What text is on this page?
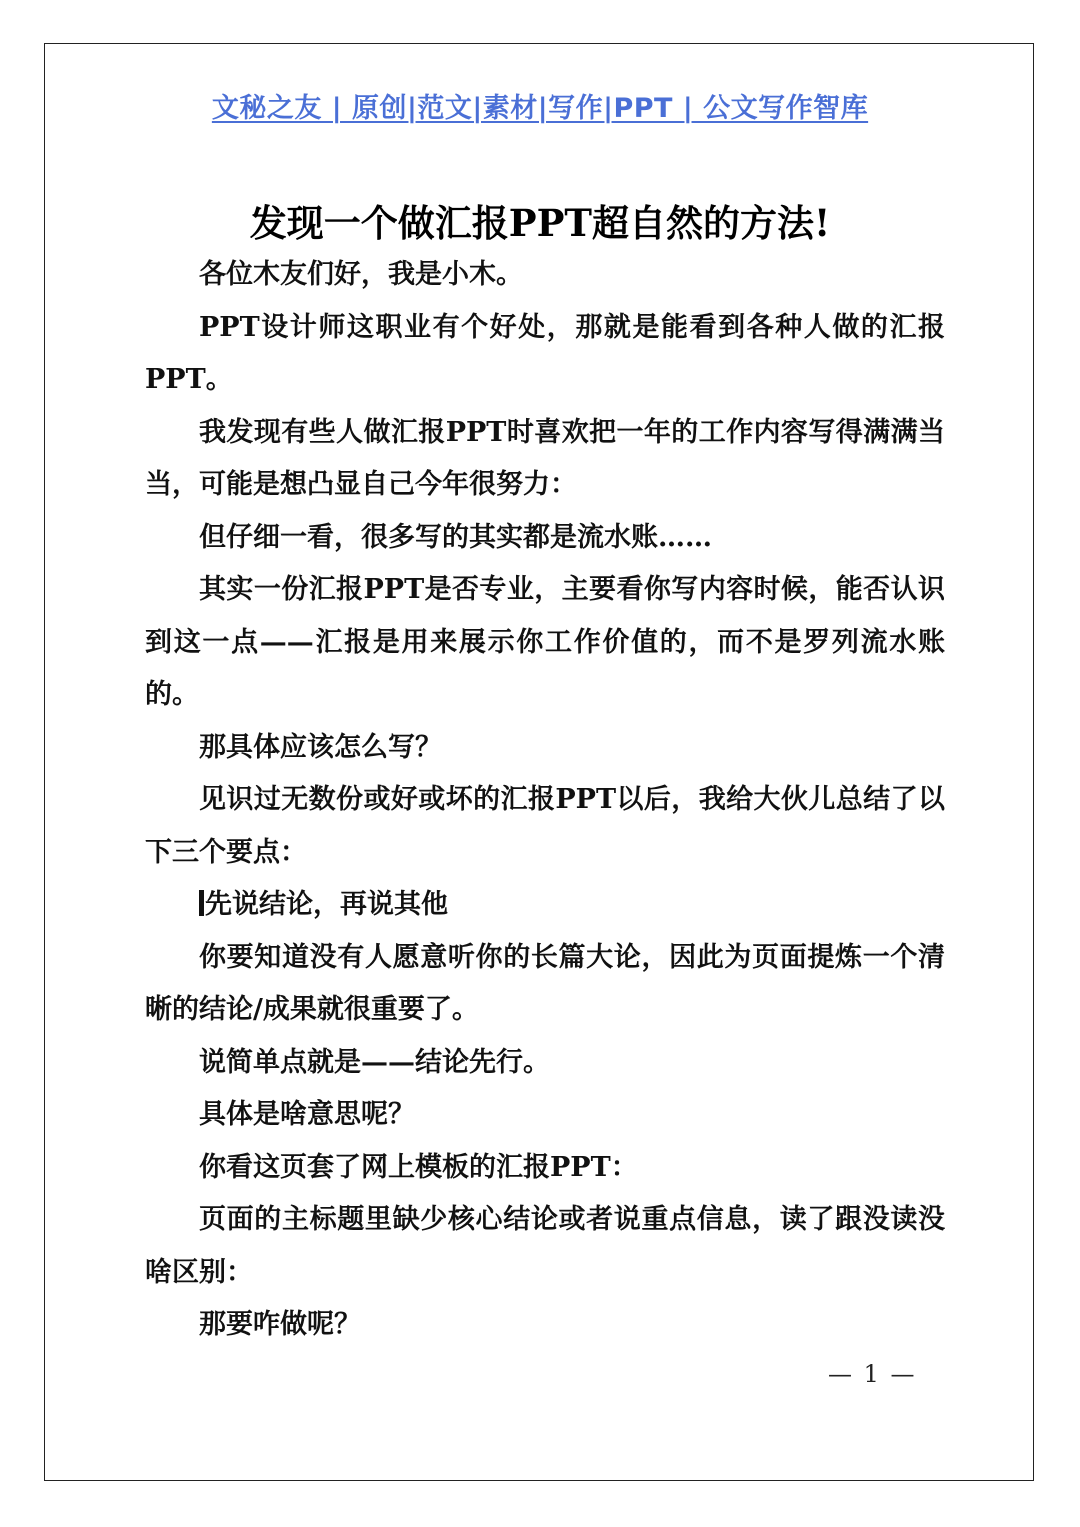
文秘之友 | 原创|范文|素材|写作|PPT | 公文写作智库
发现一个做汇报PPT超自然的方法!

各位木友们好，我是小木。

PPT设计师这职业有个好处，那就是能看到各种人做的汇报PPT。

我发现有些人做汇报PPT时喜欢把一年的工作内容写得满满当当，可能是想凸显自己今年很努力：

但仔细一看，很多写的其实都是流水账……

其实一份汇报PPT是否专业，主要看你写内容时候，能否认识到这一点——汇报是用来展示你工作价值的，而不是罗列流水账的。

那具体应该怎么写？

见识过无数份或好或坏的汇报PPT以后，我给大伙儿总结了以下三个要点：

先说结论，再说其他

你要知道没有人愿意听你的长篇大论，因此为页面提炼一个清晰的结论/成果就很重要了。

说简单点就是——结论先行。

具体是啥意思呢？

你看这页套了网上模板的汇报PPT：

页面的主标题里缺少核心结论或者说重点信息，读了跟没读没啥区别：

那要咋做呢？

— 1 —
